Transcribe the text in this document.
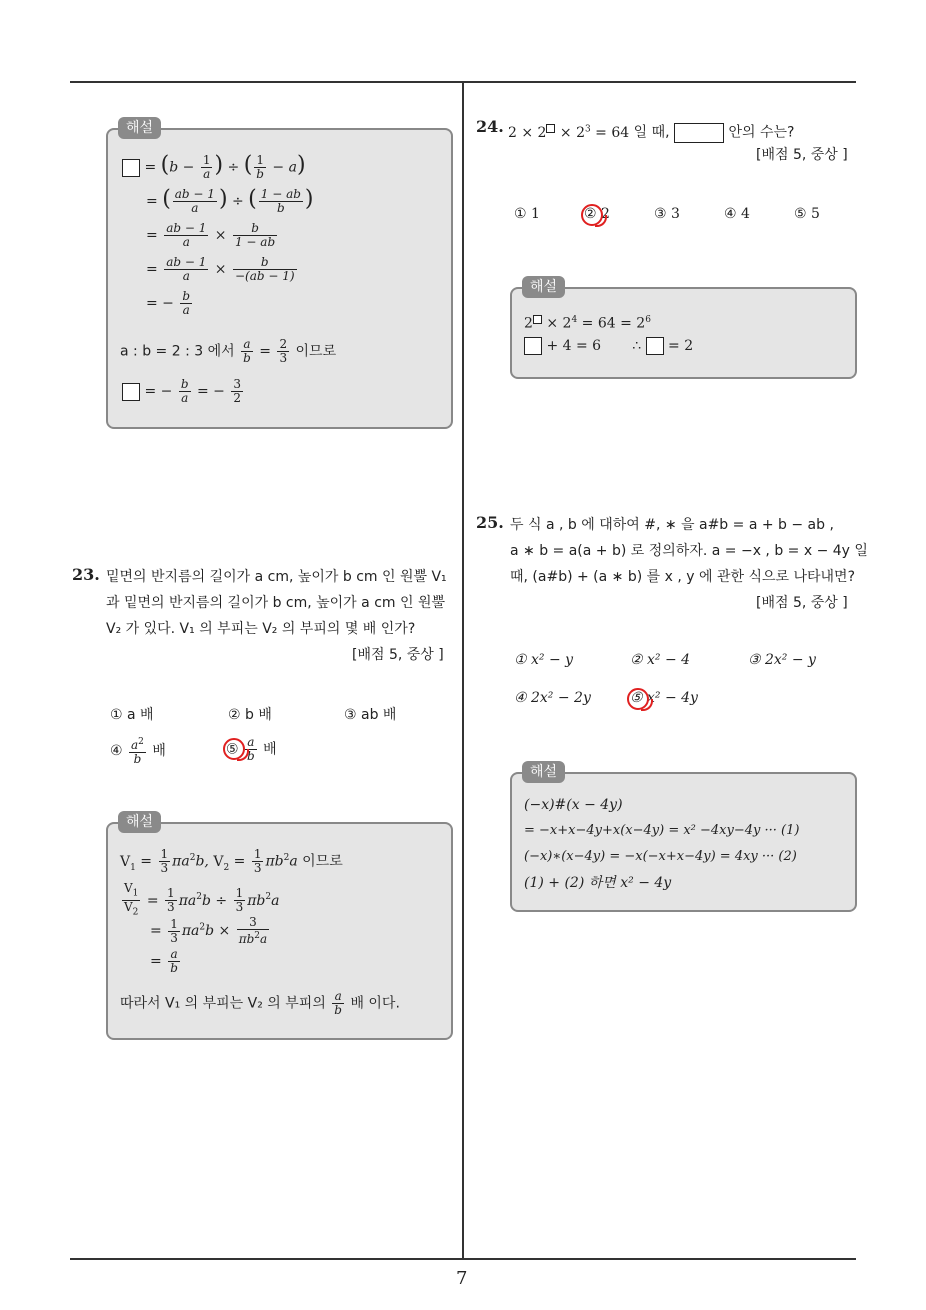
7
해설
= ($b - \frac{1}{a}$ ) ÷ ( $\frac{1}{b} - a$)
= ( $\frac{ab - 1}{a}$ ) ÷ ( $\frac{1 - ab}{b}$ )
= $\frac{ab - 1}{a} \times \frac{b}{1 - ab}$
= $\frac{ab - 1}{a} \times \frac{b}{-(ab - 1)}$
= − $\frac{b}{a}$
a : b = 2 : 3 에서 $\frac{a}{b} = \frac{2}{3}$ 이므로
= − $\frac{b}{a}$ = − $\frac{3}{2}$
23. 밑면의 반지름의 길이가 a cm, 높이가 b cm 인 원뿔 V₁
과 밑면의 반지름의 길이가 b cm, 높이가 a cm 인 원뿔
V₂ 가 있다. V₁ 의 부피는 V₂ 의 부피의 몇 배 인가?
[배점 5, 중상 ]
① a 배	② b 배	③ ab 배
④ $\frac{a^2}{b}$ 배	⑤ $\frac{a}{b}$ 배
해설
$V_1 = \frac{1}{3} \pi a^2b$, $V_2 = \frac{1}{3} \pi b^2a$ 이므로
$\frac{V_1}{V_2} = \frac{1}{3} \pi a^2b \div \frac{1}{3} \pi b^2a$
= $\frac{1}{3} \pi a^2b \times \frac{3}{\pi b^2a}$
= $\frac{a}{b}$
따라서 V₁ 의 부피는 V₂ 의 부피의 $\frac{a}{b}$ 배 이다.
24. $2 \times 2 \times 2^3 = 64$ 일 때,	안의 수는?
[배점 5, 중상 ]
① 1	② 2	③ 3	④ 4	⑤ 5
해설
$2 \times 2^4 = 64 = 2^6$
+ 4 = 6       ∴  = 2
25. 두 식 a , b 에 대하여 #, ∗ 을 a#b = a + b − ab ,
a ∗ b = a(a + b) 로 정의하자. a = −x , b = x − 4y 일
때, (a#b) + (a ∗ b) 를 x , y 에 관한 식으로 나타내면?
[배점 5, 중상 ]
① x² − y	② x² − 4	③ 2x² − y
④ 2x² − 2y	⑤ x² − 4y
해설
(−x)#(x − 4y)
= −x+x−4y+x(x−4y) = x² −4xy−4y ··· (1)
(−x)∗(x−4y) = −x(−x+x−4y) = 4xy ··· (2)
(1) + (2) 하면 x² − 4y
